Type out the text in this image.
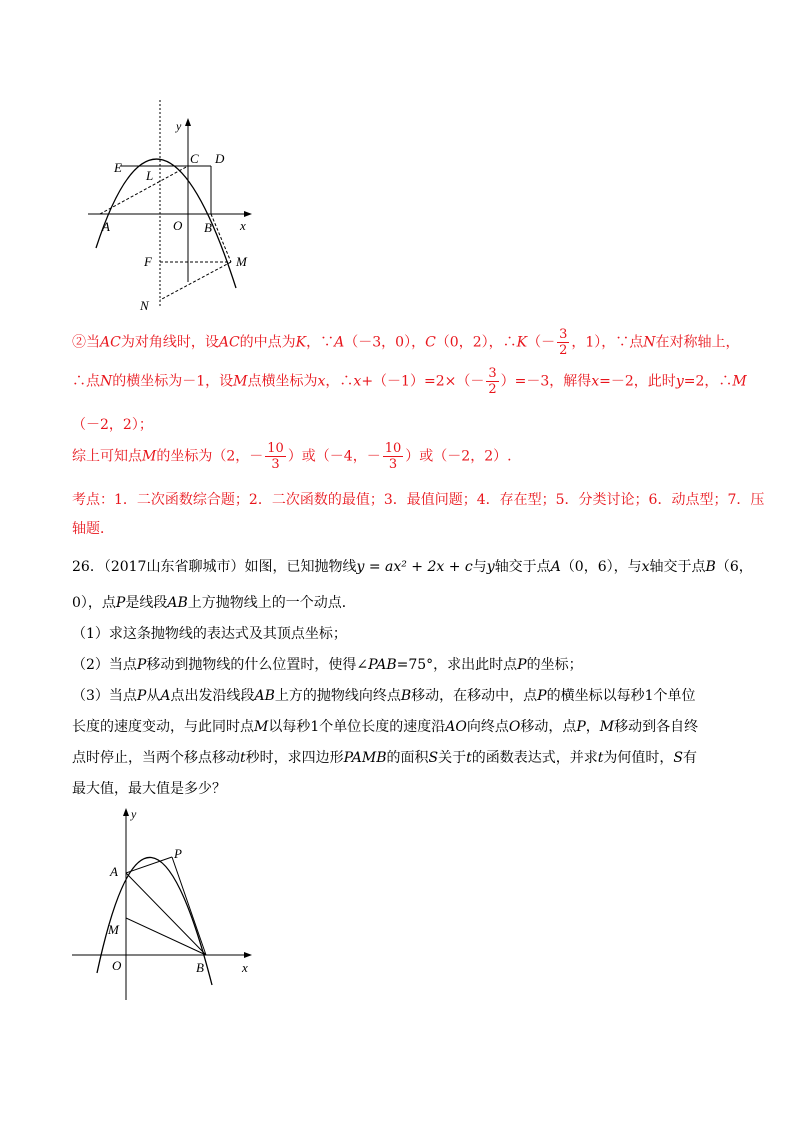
y
x
E
C D
L
A	O B
F	M
N
②当AC为对角线时，设AC的中点为K，∵A（－3，0），C（0，2），∴K（－ $\frac{3}{2}$ ，1），∵点N在对称轴上，
∴点N的横坐标为－1，设M点横坐标为x，∴x+（－1）=2×（－ $\frac{3}{2} )=-3$，解得x=－2，此时y=2，∴M
（－2，2）；
综上可知点M的坐标为（2，－ $\frac{10}{3}$ ）或（－4，－ $\frac{10}{3}$ ）或（－2，2）.
考点：1．二次函数综合题；2．二次函数的最值；3．最值问题；4．存在型；5．分类讨论；6．动点型；7．压
轴题．
26．（2017山东省聊城市）如图，已知抛物线y = ax² + 2x + c与y轴交于点A（0，6），与x轴交于点B（6，
0），点P是线段AB上方抛物线上的一个动点．
（1）求这条抛物线的表达式及其顶点坐标；
（2）当点P移动到抛物线的什么位置时，使得∠PAB=75°，求出此时点P的坐标；
（3）当点P从A点出发沿线段AB上方的抛物线向终点B移动，在移动中，点P的横坐标以每秒1个单位
长度的速度变动，与此同时点M以每秒1个单位长度的速度沿AO向终点O移动，点P，M移动到各自终
点时停止，当两个移点移动t秒时，求四边形PAMB的面积S关于t的函数表达式，并求t为何值时，S有
最大值，最大值是多少？
y
x
P
A
M
O	B
